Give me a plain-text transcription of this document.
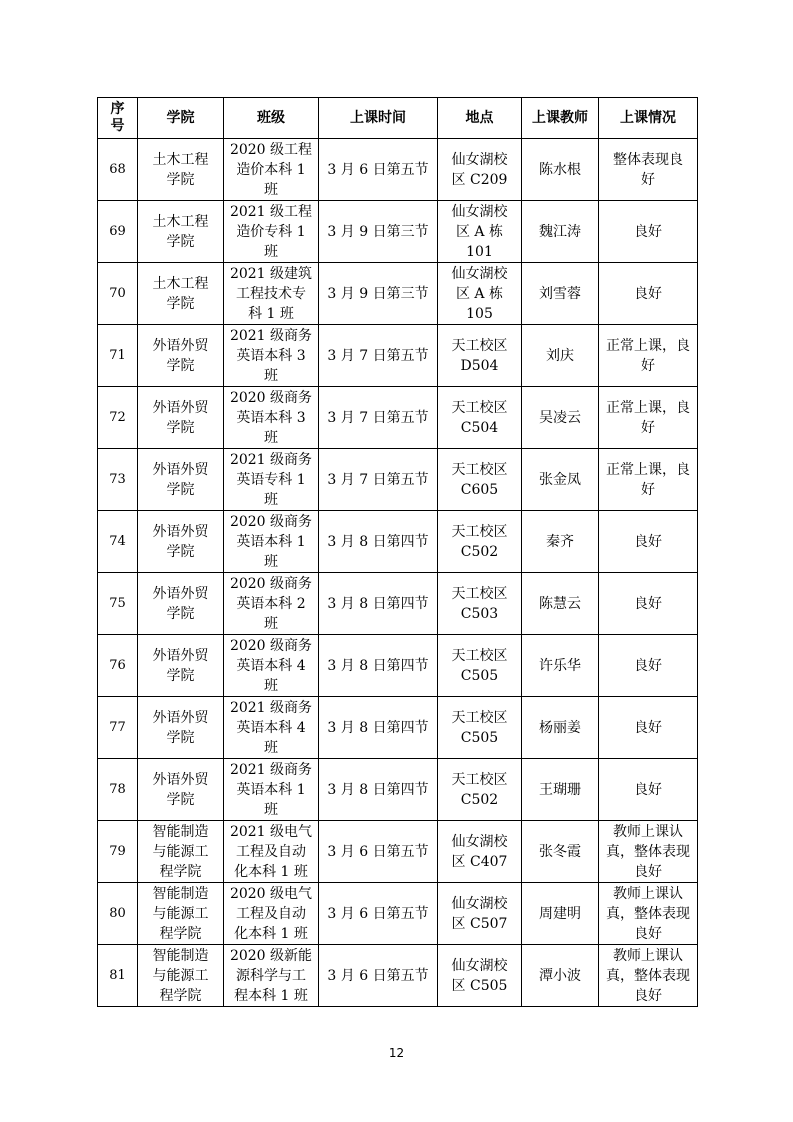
序
号	学院	班级	上课时间	地点	上课教师	上课情况

68	土木工程
学院	2020 级工程
造价本科 1
班	3 月 6 日第五节	仙女湖校
区 C209	陈水根	整体表现良
好

69	土木工程
学院	2021 级工程
造价专科 1
班	3 月 9 日第三节	仙女湖校
区 A 栋
101	魏江涛	良好

70	土木工程
学院	2021 级建筑
工程技术专
科 1 班	3 月 9 日第三节	仙女湖校
区 A 栋
105	刘雪蓉	良好

71	外语外贸
学院	2021 级商务
英语本科 3
班	3 月 7 日第五节	天工校区
D504	刘庆	正常上课，良
好

72	外语外贸
学院	2020 级商务
英语本科 3
班	3 月 7 日第五节	天工校区
C504	吴凌云	正常上课，良
好

73	外语外贸
学院	2021 级商务
英语专科 1
班	3 月 7 日第五节	天工校区
C605	张金凤	正常上课，良
好

74	外语外贸
学院	2020 级商务
英语本科 1
班	3 月 8 日第四节	天工校区
C502	秦齐	良好

75	外语外贸
学院	2020 级商务
英语本科 2
班	3 月 8 日第四节	天工校区
C503	陈慧云	良好

76	外语外贸
学院	2020 级商务
英语本科 4
班	3 月 8 日第四节	天工校区
C505	许乐华	良好

77	外语外贸
学院	2021 级商务
英语本科 4
班	3 月 8 日第四节	天工校区
C505	杨丽姜	良好

78	外语外贸
学院	2021 级商务
英语本科 1
班	3 月 8 日第四节	天工校区
C502	王瑚珊	良好

79	智能制造
与能源工
程学院	2021 级电气
工程及自动
化本科 1 班	3 月 6 日第五节	仙女湖校
区 C407	张冬霞	教师上课认
真，整体表现
良好

80	智能制造
与能源工
程学院	2020 级电气
工程及自动
化本科 1 班	3 月 6 日第五节	仙女湖校
区 C507	周建明	教师上课认
真，整体表现
良好

81	智能制造
与能源工
程学院	2020 级新能
源科学与工
程本科 1 班	3 月 6 日第五节	仙女湖校
区 C505	潭小波	教师上课认
真，整体表现
良好
12
